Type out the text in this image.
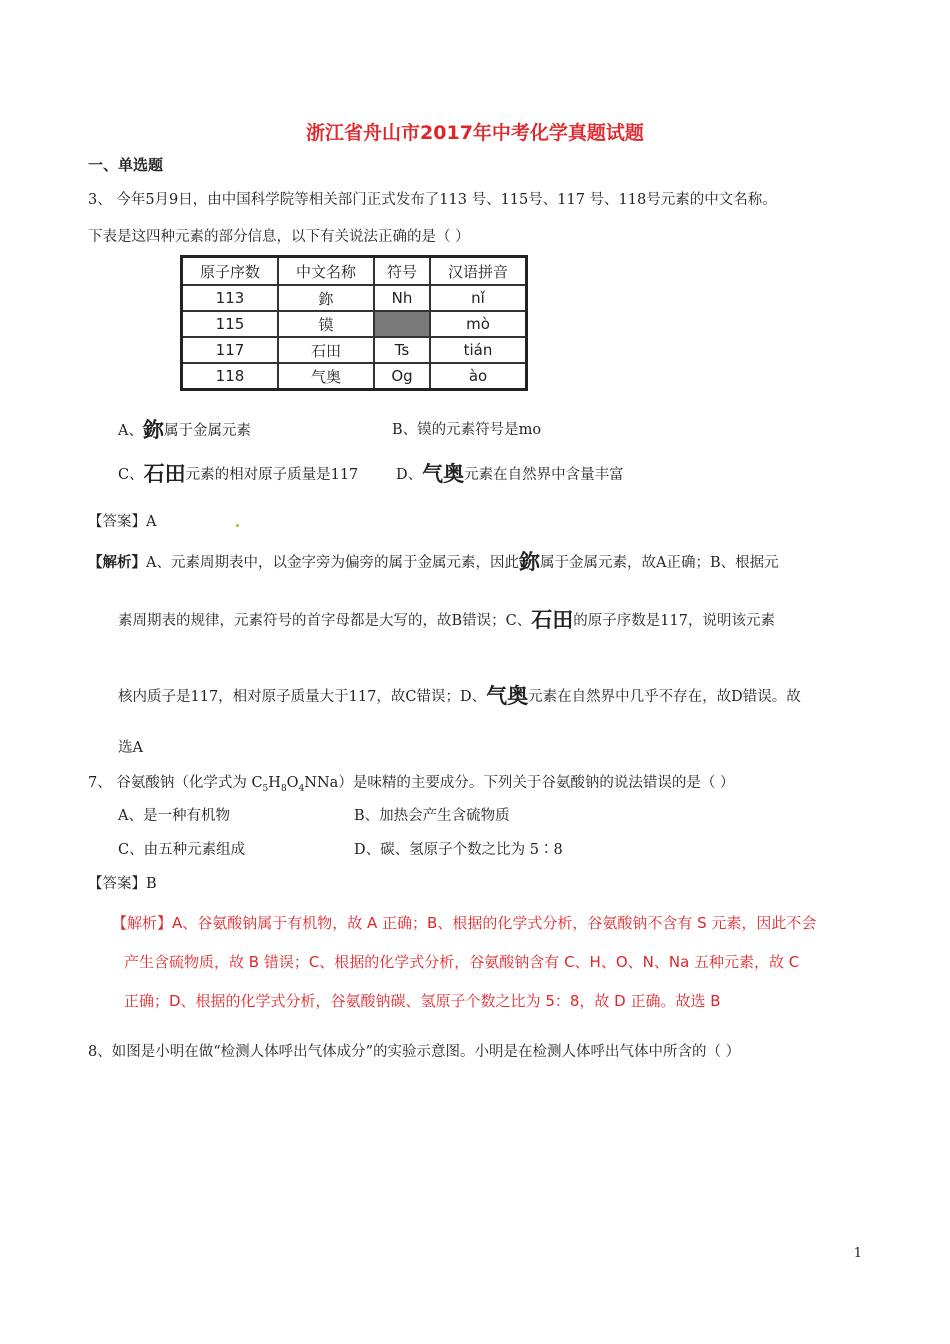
浙江省舟山市2017年中考化学真题试题
一、单选题
3、 今年5月9日，由中国科学院等相关部门正式发布了113 号、115号、117 号、118号元素的中文名称。
下表是这四种元素的部分信息，以下有关说法正确的是（ ）
原子序数	中文名称	符号	汉语拼音
113	鉨	Nh	nǐ
115	镆		mò
117	石田	Ts	tián
118	气奥	Og	ào
A、鉨属于金属元素	B、镆的元素符号是mo
C、石田元素的相对原子质量是117	D、气奥元素在自然界中含量丰富
【答案】A
【解析】A、元素周期表中，以金字旁为偏旁的属于金属元素，因此鉨属于金属元素，故A正确；B、根据元
素周期表的规律，元素符号的首字母都是大写的，故B错误；C、石田的原子序数是117，说明该元素
核内质子是117，相对原子质量大于117，故C错误；D、气奥元素在自然界中几乎不存在，故D错误。故
选A
7、 谷氨酸钠（化学式为 $C_5H_8O_4NNa$）是味精的主要成分。下列关于谷氨酸钠的说法错误的是（ ）
A、是一种有机物	B、加热会产生含硫物质
C、由五种元素组成	D、碳、氢原子个数之比为 5∶8
【答案】B
【解析】A、谷氨酸钠属于有机物，故 A 正确；B、根据的化学式分析，谷氨酸钠不含有 S 元素，因此不会
产生含硫物质，故 B 错误；C、根据的化学式分析，谷氨酸钠含有 C、H、O、N、Na 五种元素，故 C
正确；D、根据的化学式分析，谷氨酸钠碳、氢原子个数之比为 5：8，故 D 正确。故选 B
8、如图是小明在做“检测人体呼出气体成分”的实验示意图。小明是在检测人体呼出气体中所含的（ ）
1
